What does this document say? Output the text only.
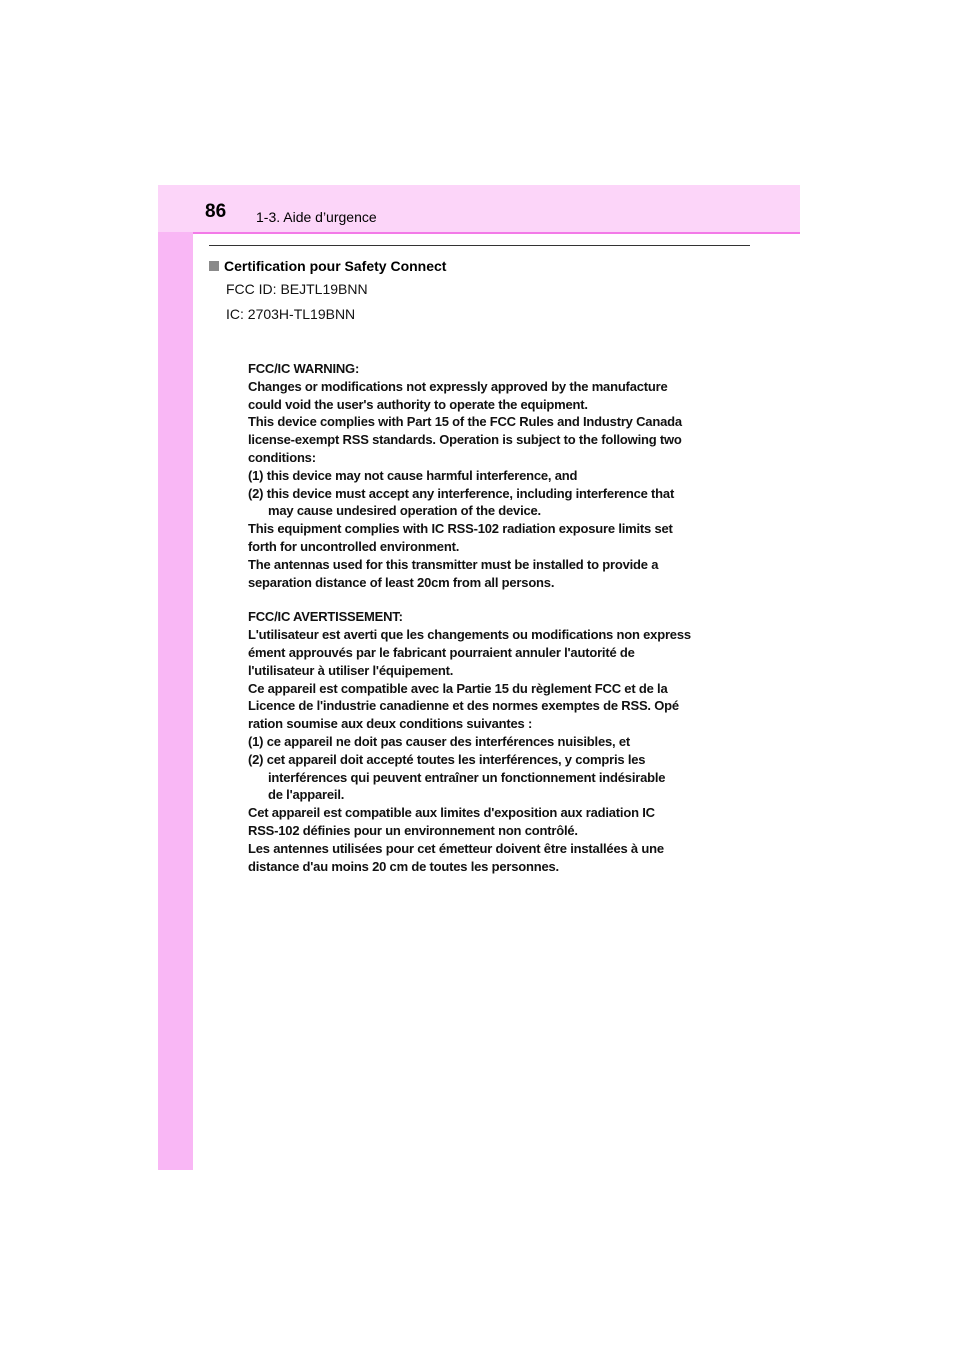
86 1-3. Aide d’urgence
Certification pour Safety Connect
FCC ID: BEJTL19BNN
IC: 2703H-TL19BNN

FCC/IC WARNING:

Changes or modifications not expressly approved by the manufacture

could void the user's authority to operate the equipment.

This device complies with Part 15 of the FCC Rules and Industry Canada

license-exempt RSS standards. Operation is subject to the following two

conditions:

(1) this device may not cause harmful interference, and

(2) this device must accept any interference, including interference that

may cause undesired operation of the device.

This equipment complies with IC RSS-102 radiation exposure limits set

forth for uncontrolled environment.

The antennas used for this transmitter must be installed to provide a

separation distance of least 20cm from all persons.

FCC/IC AVERTISSEMENT:

L'utilisateur est averti que les changements ou modifications non express

ément approuvés par le fabricant pourraient annuler l'autorité de

l'utilisateur à utiliser l'équipement.

Ce appareil est compatible avec la Partie 15 du règlement FCC et de la

Licence de l'industrie canadienne et des normes exemptes de RSS. Opé

ration soumise aux deux conditions suivantes :

(1) ce appareil ne doit pas causer des interférences nuisibles, et

(2) cet appareil doit accepté toutes les interférences, y compris les

interférences qui peuvent entraîner un fonctionnement indésirable

de l'appareil.

Cet appareil est compatible aux limites d'exposition aux radiation IC

RSS-102 définies pour un environnement non contrôlé.

Les antennes utilisées pour cet émetteur doivent être installées à une

distance d'au moins 20 cm de toutes les personnes.
